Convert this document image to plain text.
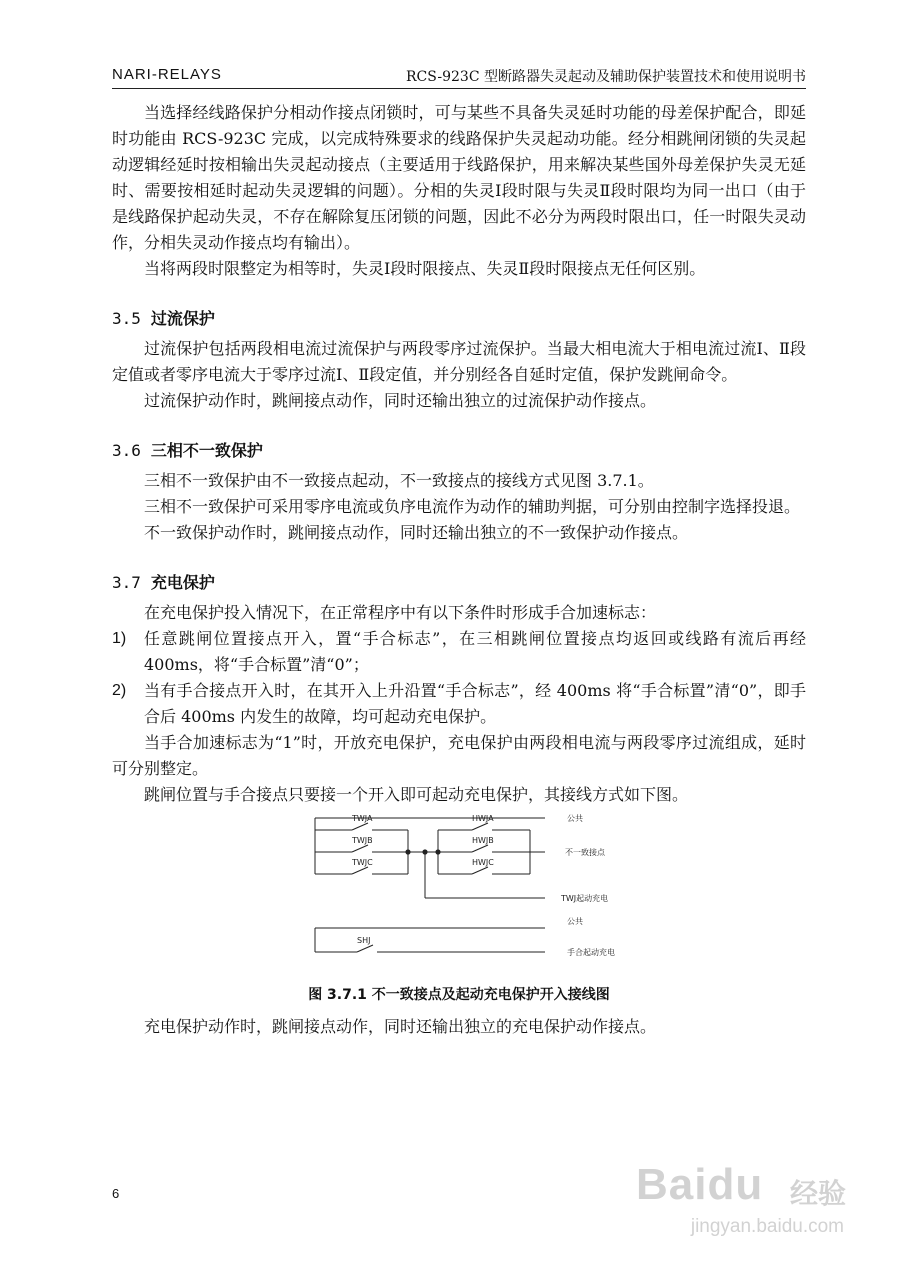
NARI-RELAYS	RCS-923C 型断路器失灵起动及辅助保护装置技术和使用说明书

当选择经线路保护分相动作接点闭锁时，可与某些不具备失灵延时功能的母差保护配合，即延时功能由 RCS-923C 完成，以完成特殊要求的线路保护失灵起动功能。经分相跳闸闭锁的失灵起动逻辑经延时按相输出失灵起动接点（主要适用于线路保护，用来解决某些国外母差保护失灵无延时、需要按相延时起动失灵逻辑的问题）。分相的失灵Ⅰ段时限与失灵Ⅱ段时限均为同一出口（由于是线路保护起动失灵，不存在解除复压闭锁的问题，因此不必分为两段时限出口，任一时限失灵动作，分相失灵动作接点均有输出）。

当将两段时限整定为相等时，失灵Ⅰ段时限接点、失灵Ⅱ段时限接点无任何区别。

3.5 过流保护

过流保护包括两段相电流过流保护与两段零序过流保护。当最大相电流大于相电流过流Ⅰ、Ⅱ段定值或者零序电流大于零序过流Ⅰ、Ⅱ段定值，并分别经各自延时定值，保护发跳闸命令。

过流保护动作时，跳闸接点动作，同时还输出独立的过流保护动作接点。

3.6 三相不一致保护

三相不一致保护由不一致接点起动，不一致接点的接线方式见图 3.7.1。

三相不一致保护可采用零序电流或负序电流作为动作的辅助判据，可分别由控制字选择投退。

不一致保护动作时，跳闸接点动作，同时还输出独立的不一致保护动作接点。

3.7 充电保护

在充电保护投入情况下，在正常程序中有以下条件时形成手合加速标志：

1) 任意跳闸位置接点开入，置“手合标志”，在三相跳闸位置接点均返回或线路有流后再经 400ms，将“手合标置”清“0”；
2) 当有手合接点开入时，在其开入上升沿置“手合标志”，经 400ms 将“手合标置”清“0”，即手合后 400ms 内发生的故障，均可起动充电保护。

当手合加速标志为“1”时，开放充电保护，充电保护由两段相电流与两段零序过流组成，延时可分别整定。

跳闸位置与手合接点只要接一个开入即可起动充电保护，其接线方式如下图。

TWJA
TWJB
TWJC
HWJA
HWJB
HWJC
公共
不一致接点
TWJ起动充电
公共
SHJ
手合起动充电
图 3.7.1 不一致接点及起动充电保护开入接线图

充电保护动作时，跳闸接点动作，同时还输出独立的充电保护动作接点。

6	Baidu 经验
jingyan.baidu.com
